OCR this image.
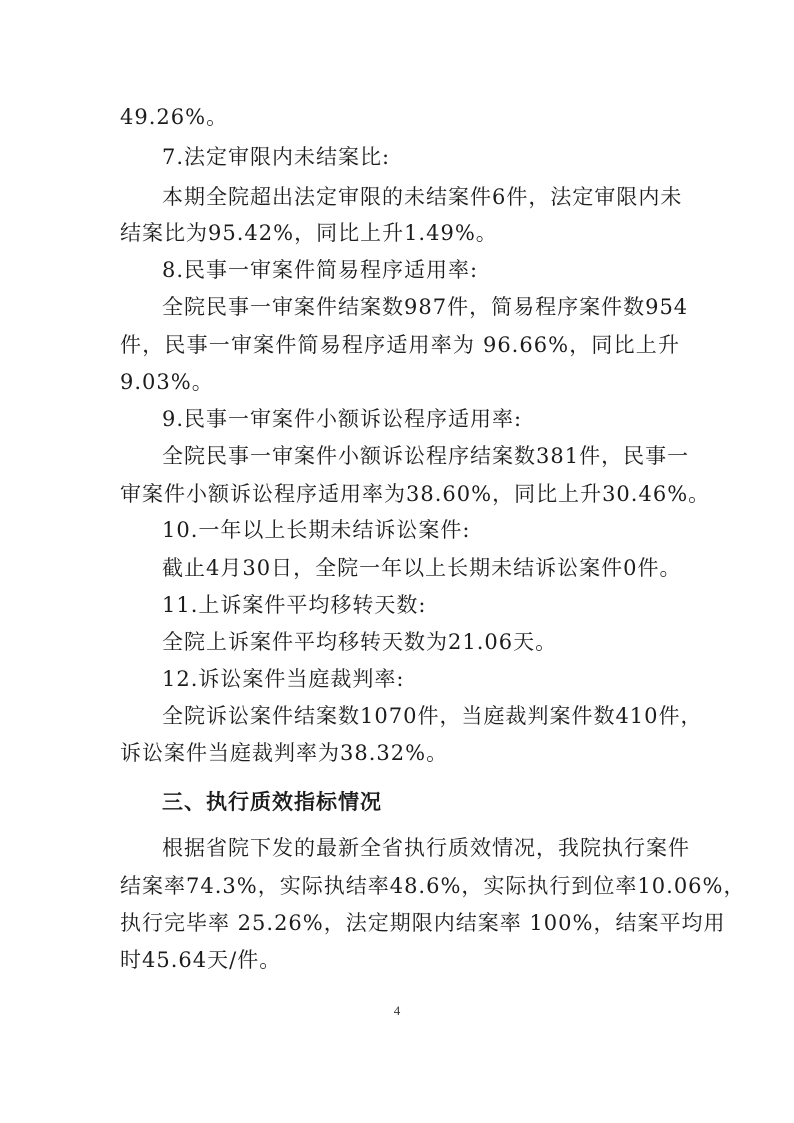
49.26%。
7.法定审限内未结案比:
本期全院超出法定审限的未结案件6件，法定审限内未
结案比为95.42%，同比上升1.49%。
8.民事一审案件简易程序适用率:
全院民事一审案件结案数987件，简易程序案件数954
件，民事一审案件简易程序适用率为 96.66%，同比上升
9.03%。
9.民事一审案件小额诉讼程序适用率:
全院民事一审案件小额诉讼程序结案数381件，民事一
审案件小额诉讼程序适用率为38.60%，同比上升30.46%。
10.一年以上长期未结诉讼案件:
截止4月30日，全院一年以上长期未结诉讼案件0件。
11.上诉案件平均移转天数:
全院上诉案件平均移转天数为21.06天。
12.诉讼案件当庭裁判率:
全院诉讼案件结案数1070件，当庭裁判案件数410件，
诉讼案件当庭裁判率为38.32%。
三、执行质效指标情况
根据省院下发的最新全省执行质效情况，我院执行案件
结案率74.3%，实际执结率48.6%，实际执行到位率10.06%，
执行完毕率 25.26%，法定期限内结案率 100%，结案平均用
时45.64天/件。
4
